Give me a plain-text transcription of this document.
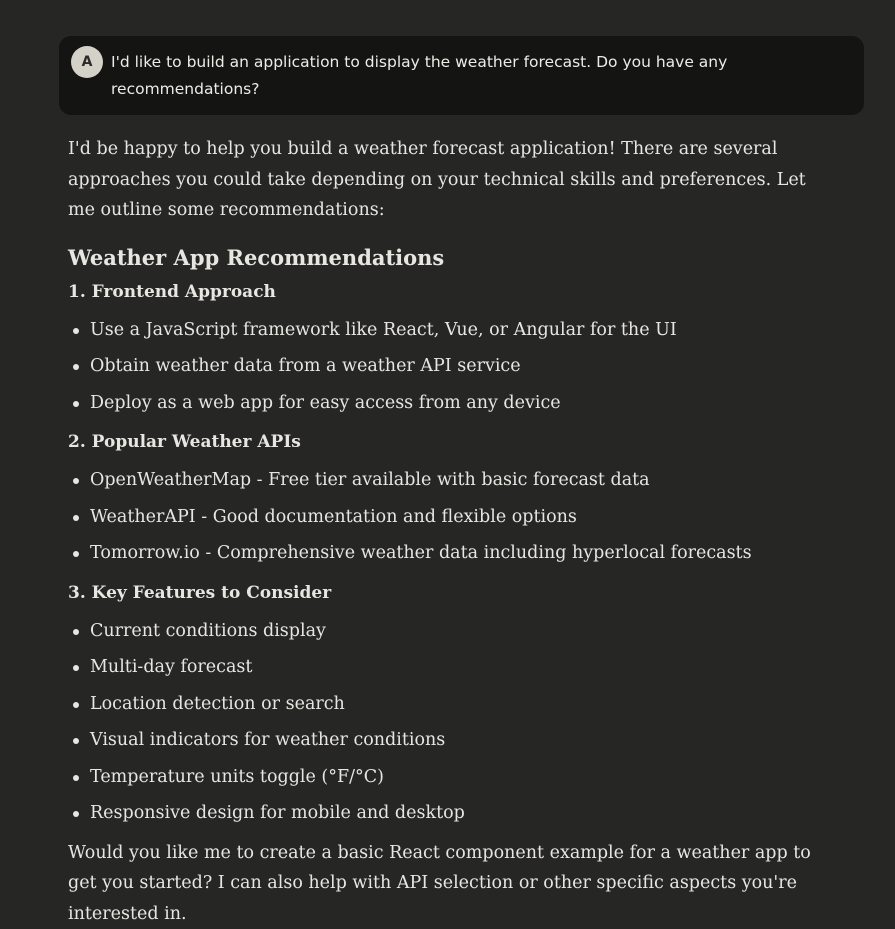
A	I'd like to build an application to display the weather forecast. Do you have any recommendations?

I'd be happy to help you build a weather forecast application! There are several approaches you could take depending on your technical skills and preferences. Let me outline some recommendations:

Weather App Recommendations
1. Frontend Approach
Use a JavaScript framework like React, Vue, or Angular for the UI
Obtain weather data from a weather API service
Deploy as a web app for easy access from any device
2. Popular Weather APIs
OpenWeatherMap - Free tier available with basic forecast data
WeatherAPI - Good documentation and flexible options
Tomorrow.io - Comprehensive weather data including hyperlocal forecasts
3. Key Features to Consider
Current conditions display
Multi-day forecast
Location detection or search
Visual indicators for weather conditions
Temperature units toggle (°F/°C)
Responsive design for mobile and desktop

Would you like me to create a basic React component example for a weather app to get you started? I can also help with API selection or other specific aspects you're interested in.
